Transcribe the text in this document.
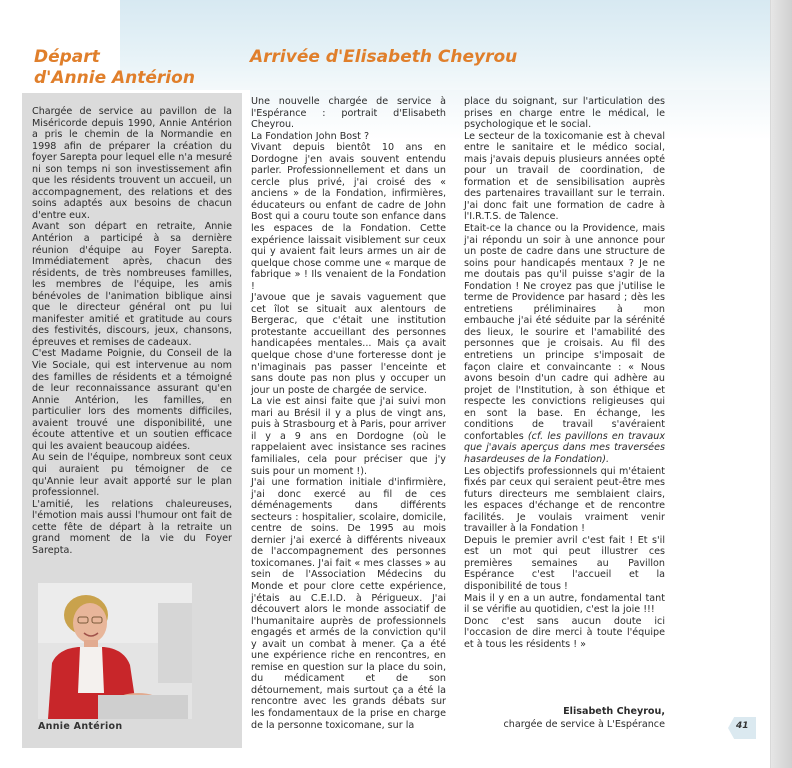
Départ
d'Annie Antérion
Arrivée d'Elisabeth Cheyrou

Chargée de service au pavillon de la Miséricorde depuis 1990, Annie Antérion a pris le chemin de la Normandie en 1998 afin de préparer la création du foyer Sarepta pour lequel elle n'a mesuré ni son temps ni son investissement afin que les résidents trouvent un accueil, un accompagnement, des relations et des soins adaptés aux besoins de chacun d'entre eux.

Avant son départ en retraite, Annie Antérion a participé à sa dernière réunion d'équipe au Foyer Sarepta. Immédiatement après, chacun des résidents, de très nombreuses familles, les membres de l'équipe, les amis bénévoles de l'animation biblique ainsi que le directeur général ont pu lui manifester amitié et gratitude au cours des festivités, discours, jeux, chansons, épreuves et remises de cadeaux.

C'est Madame Poignie, du Conseil de la Vie Sociale, qui est intervenue au nom des familles de résidents et a témoigné de leur reconnaissance assurant qu'en Annie Antérion, les familles, en particulier lors des moments difficiles, avaient trouvé une disponibilité, une écoute attentive et un soutien efficace qui les avaient beaucoup aidées.

Au sein de l'équipe, nombreux sont ceux qui auraient pu témoigner de ce qu'Annie leur avait apporté sur le plan professionnel.

L'amitié, les relations chaleureuses, l'émotion mais aussi l'humour ont fait de cette fête de départ à la retraite un grand moment de la vie du Foyer Sarepta.

Annie Antérion

Une nouvelle chargée de service à l'Espérance : portrait d'Elisabeth Cheyrou.

La Fondation John Bost ?

Vivant depuis bientôt 10 ans en Dordogne j'en avais souvent entendu parler. Professionnellement et dans un cercle plus privé, j'ai croisé des « anciens » de la Fondation, infirmières, éducateurs ou enfant de cadre de John Bost qui a couru toute son enfance dans les espaces de la Fondation. Cette expérience laissait visiblement sur ceux qui y avaient fait leurs armes un air de quelque chose comme une « marque de fabrique » ! Ils venaient de la Fondation !

J'avoue que je savais vaguement que cet îlot se situait aux alentours de Bergerac, que c'était une institution protestante accueillant des personnes handicapées mentales... Mais ça avait quelque chose d'une forteresse dont je n'imaginais pas passer l'enceinte et sans doute pas non plus y occuper un jour un poste de chargée de service.

La vie est ainsi faite que j'ai suivi mon mari au Brésil il y a plus de vingt ans, puis à Strasbourg et à Paris, pour arriver il y a 9 ans en Dordogne (où le rappelaient avec insistance ses racines familiales, cela pour préciser que j'y suis pour un moment !).

J'ai une formation initiale d'infirmière, j'ai donc exercé au fil de ces déménagements dans différents secteurs : hospitalier, scolaire, domicile, centre de soins. De 1995 au mois dernier j'ai exercé à différents niveaux de l'accompagnement des personnes toxicomanes. J'ai fait « mes classes » au sein de l'Association Médecins du Monde et pour clore cette expérience, j'étais au C.E.I.D. à Périgueux. J'ai découvert alors le monde associatif de l'humanitaire auprès de professionnels engagés et armés de la conviction qu'il y avait un combat à mener. Ça a été une expérience riche en rencontres, en remise en question sur la place du soin, du médicament et de son détournement, mais surtout ça a été la rencontre avec les grands débats sur les fondamentaux de la prise en charge de la personne toxicomane, sur la

place du soignant, sur l'articulation des prises en charge entre le médical, le psychologique et le social.

Le secteur de la toxicomanie est à cheval entre le sanitaire et le médico social, mais j'avais depuis plusieurs années opté pour un travail de coordination, de formation et de sensibilisation auprès des partenaires travaillant sur le terrain. J'ai donc fait une formation de cadre à l'I.R.T.S. de Talence.

Etait-ce la chance ou la Providence, mais j'ai répondu un soir à une annonce pour un poste de cadre dans une structure de soins pour handicapés mentaux ? Je ne me doutais pas qu'il puisse s'agir de la Fondation ! Ne croyez pas que j'utilise le terme de Providence par hasard ; dès les entretiens préliminaires à mon embauche j'ai été séduite par la sérénité des lieux, le sourire et l'amabilité des personnes que je croisais. Au fil des entretiens un principe s'imposait de façon claire et convaincante : « Nous avons besoin d'un cadre qui adhère au projet de l'Institution, à son éthique et respecte les convictions religieuses qui en sont la base. En échange, les conditions de travail s'avéraient confortables (cf. les pavillons en travaux que j'avais aperçus dans mes traversées hasardeuses de la Fondation).

Les objectifs professionnels qui m'étaient fixés par ceux qui seraient peut-être mes futurs directeurs me semblaient clairs, les espaces d'échange et de rencontre facilités. Je voulais vraiment venir travailler à la Fondation !

Depuis le premier avril c'est fait ! Et s'il est un mot qui peut illustrer ces premières semaines au Pavillon Espérance c'est l'accueil et la disponibilité de tous !

Mais il y en a un autre, fondamental tant il se vérifie au quotidien, c'est la joie !!!

Donc c'est sans aucun doute ici l'occasion de dire merci à toute l'équipe et à tous les résidents ! »

Elisabeth Cheyrou,
chargée de service à L'Espérance	41
